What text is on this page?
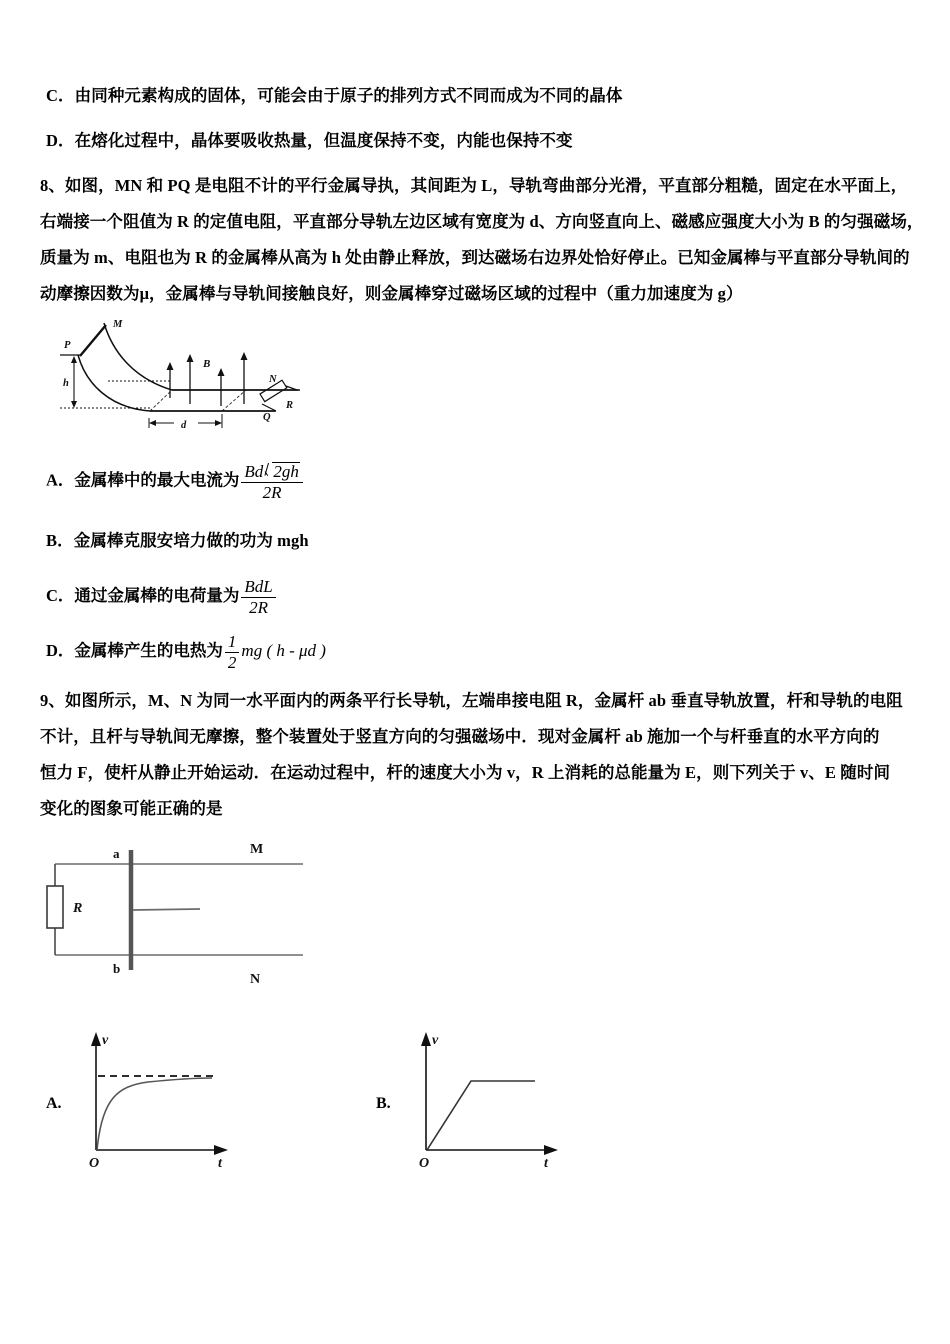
C．由同种元素构成的固体，可能会由于原子的排列方式不同而成为不同的晶体
D．在熔化过程中，晶体要吸收热量，但温度保持不变，内能也保持不变
8、如图，MN 和 PQ 是电阻不计的平行金属导执，其间距为 L，导轨弯曲部分光滑，平直部分粗糙，固定在水平面上，
右端接一个阻值为 R 的定值电阻，平直部分导轨左边区域有宽度为 d、方向竖直向上、磁感应强度大小为 B 的匀强磁场，
质量为 m、电阻也为 R 的金属棒从高为 h 处由静止释放，到达磁场右边界处恰好停止。已知金属棒与平直部分导轨间的
动摩擦因数为μ，金属棒与导轨间接触良好，则金属棒穿过磁场区域的过程中（重力加速度为 g）
M
P
h
B
d
N
Q
R
A．金属棒中的最大电流为 $\frac{Bd 2gh}{2R}$
B．金属棒克服安培力做的功为 mgh
C．通过金属棒的电荷量为 $\frac{\text{BdL}}{2R}$
D．金属棒产生的电热为 $\frac{1}{2}$ mg ( h - μd )
9、如图所示，M、N 为同一水平面内的两条平行长导轨，左端串接电阻 R，金属杆 ab 垂直导轨放置，杆和导轨的电阻
不计，且杆与导轨间无摩擦，整个装置处于竖直方向的匀强磁场中．现对金属杆 ab 施加一个与杆垂直的水平方向的
恒力 F，使杆从静止开始运动．在运动过程中，杆的速度大小为 v，R 上消耗的总能量为 E，则下列关于 v、E 随时间
变化的图象可能正确的是
a
b
M
N
R
A.
v
t
O
B.
v
t
O
